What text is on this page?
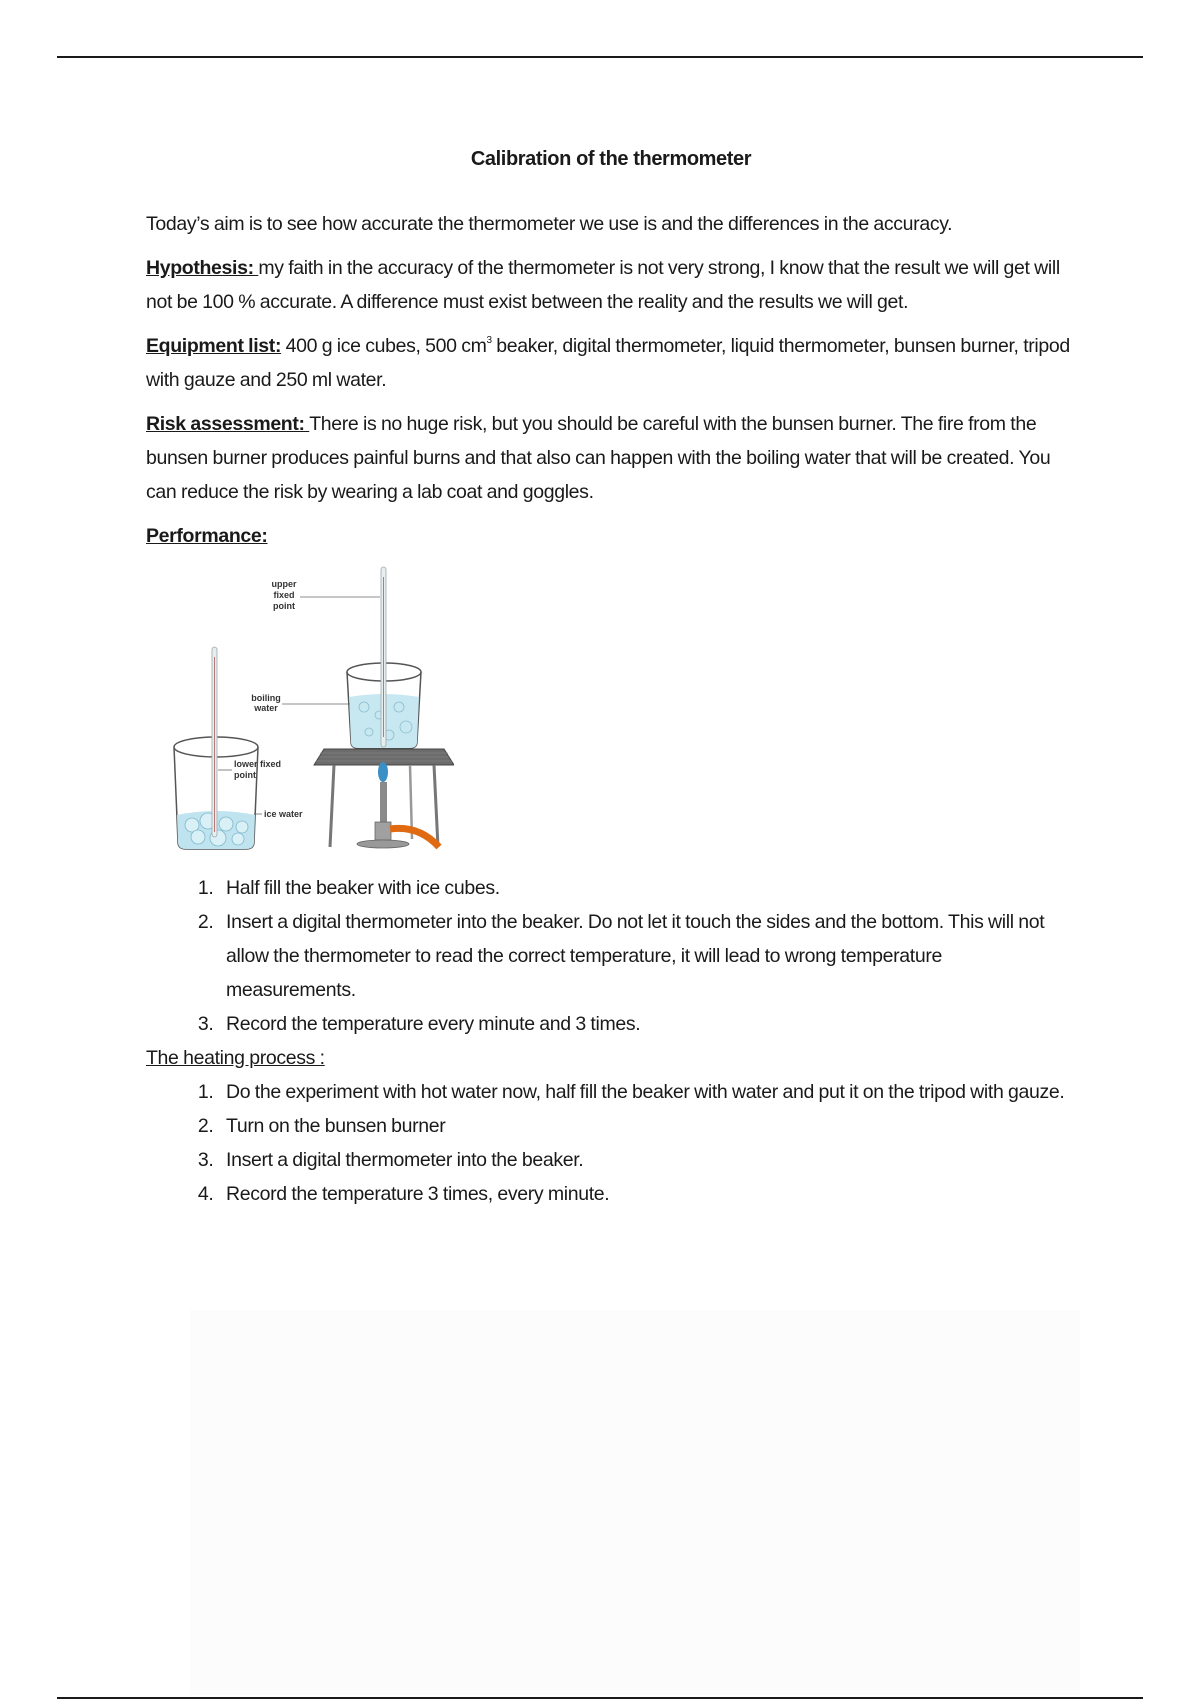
Calibration of the thermometer

Today’s aim is to see how accurate the thermometer we use is and the differences in the accuracy.

Hypothesis: my faith in the accuracy of the thermometer is not very strong, I know that the result we will get will not be 100 % accurate. A difference must exist between the reality and the results we will get.

Equipment list: 400 g ice cubes, 500 $cm^3$ beaker, digital thermometer, liquid thermometer, bunsen burner, tripod with gauze and 250 ml water.

Risk assessment: There is no huge risk, but you should be careful with the bunsen burner. The fire from the bunsen burner produces painful burns and that also can happen with the boiling water that will be created. You can reduce the risk by wearing a lab coat and goggles.

Performance:

upper
fixed
point
boiling
water
lower fixed
point
ice water
1. Half fill the beaker with ice cubes.
2. Insert a digital thermometer into the beaker. Do not let it touch the sides and the bottom. This will not allow the thermometer to read the correct temperature, it will lead to wrong temperature measurements.
3. Record the temperature every minute and 3 times.

The heating process :

1. Do the experiment with hot water now, half fill the beaker with water and put it on the tripod with gauze.
2. Turn on the bunsen burner
3. Insert a digital thermometer into the beaker.
4. Record the temperature 3 times, every minute.
